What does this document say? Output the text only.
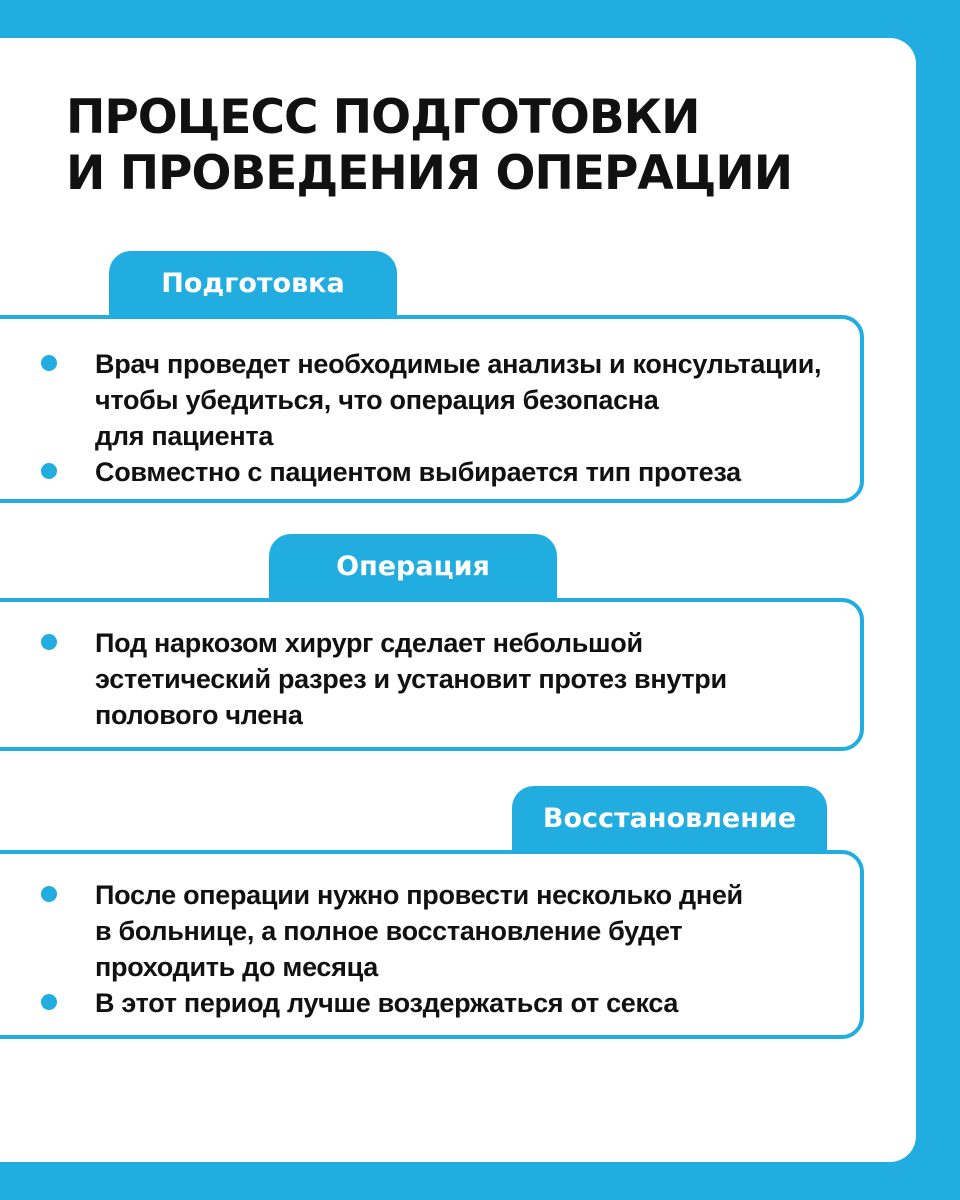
ПРОЦЕСС ПОДГОТОВКИ
И ПРОВЕДЕНИЯ ОПЕРАЦИИ
Подготовка
Врач проведет необходимые анализы и консультации,
чтобы убедиться, что операция безопасна
для пациента
Совместно с пациентом выбирается тип протеза
Операция
Под наркозом хирург сделает небольшой
эстетический разрез и установит протез внутри
полового члена
Восстановление
После операции нужно провести несколько дней
в больнице, а полное восстановление будет
проходить до месяца
В этот период лучше воздержаться от секса
